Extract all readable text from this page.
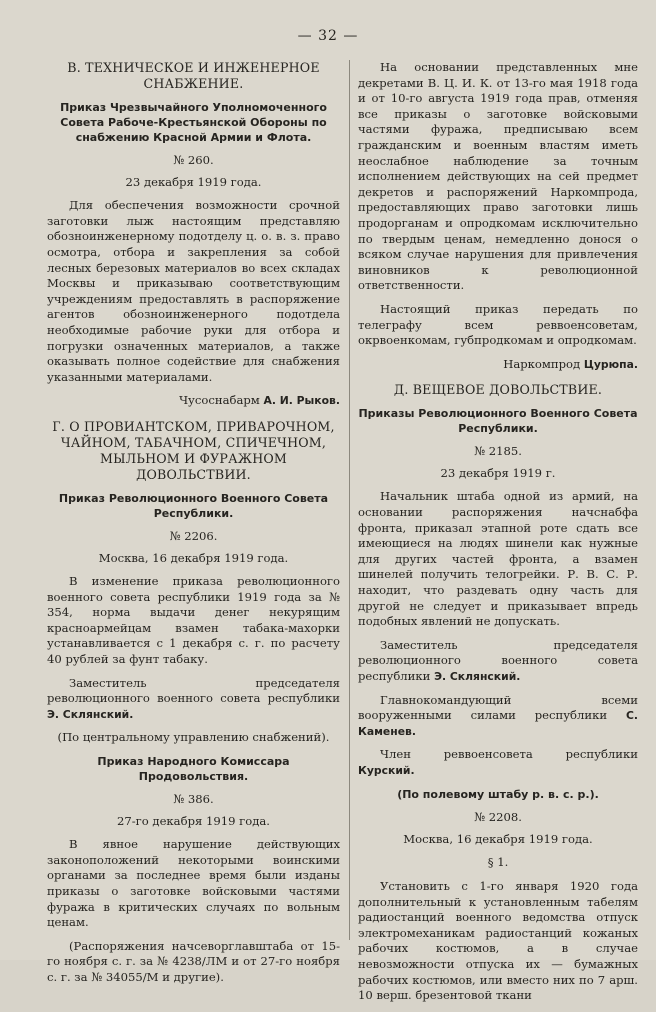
— 32 —
В. ТЕХНИЧЕСКОЕ И ИНЖЕНЕРНОЕ СНАБЖЕНИЕ.
Приказ Чрезвычайного Уполномоченного Совета Рабоче-Крестьянской Обороны по снабжению Красной Армии и Флота.
№ 260.
23 декабря 1919 года.
Для обеспечения возможности срочной заготовки лыж настоящим представляю обозноинженерному подотделу ц. о. в. з. право осмотра, отбора и закрепления за собой лесных березовых материалов во всех складах Москвы и приказываю соответствующим учреждениям предоставлять в распоряжение агентов обозноинженерного подотдела необходимые рабочие руки для отбора и погрузки означенных материалов, а также оказывать полное содействие для снабжения указанными материалами.
Чусоснабарм А. И. Рыков.
Г. О ПРОВИАНТСКОМ, ПРИВАРОЧНОМ, ЧАЙНОМ, ТАБАЧНОМ, СПИЧЕЧНОМ, МЫЛЬНОМ И ФУРАЖНОМ ДОВОЛЬСТВИИ.
Приказ Революционного Военного Совета Республики.
№ 2206.
Москва, 16 декабря 1919 года.
В изменение приказа революционного военного совета республики 1919 года за № 354, норма выдачи денег некурящим красноармейцам взамен табака-махорки устанавливается с 1 декабря с. г. по расчету 40 рублей за фунт табаку.
Заместитель председателя революционного военного совета республики Э. Склянский.
(По центральному управлению снабжений).
Приказ Народного Комиссара Продовольствия.
№ 386.
27-го декабря 1919 года.
В явное нарушение действующих законоположений некоторыми воинскими органами за последнее время были изданы приказы о заготовке войсковыми частями фуража в критических случаях по вольным ценам.
(Распоряжения начсеворглавштаба от 15-го ноября с. г. за № 4238/ЛМ и от 27-го ноября с. г. за № 34055/М и другие).
На основании представленных мне декретами В. Ц. И. К. от 13-го мая 1918 года и от 10-го августа 1919 года прав, отменяя все приказы о заготовке войсковыми частями фуража, предписываю всем гражданским и военным властям иметь неослабное наблюдение за точным исполнением действующих на сей предмет декретов и распоряжений Наркомпрода, предоставляющих право заготовки лишь продорганам и опродкомам исключительно по твердым ценам, немедленно донося о всяком случае нарушения для привлечения виновников к революционной ответственности.
Настоящий приказ передать по телеграфу всем реввоенсоветам, окрвоенкомам, губпродкомам и опродкомам.
Наркомпрод Цурюпа.
Д. ВЕЩЕВОЕ ДОВОЛЬСТВИЕ.
Приказы Революционного Военного Совета Республики.
№ 2185.
23 декабря 1919 г.
Начальник штаба одной из армий, на основании распоряжения начснабфа фронта, приказал этапной роте сдать все имеющиеся на людях шинели как нужные для других частей фронта, а взамен шинелей получить телогрейки. Р. В. С. Р. находит, что раздевать одну часть для другой не следует и приказывает впредь подобных явлений не допускать.
Заместитель председателя революционного военного совета республики Э. Склянский.
Главнокомандующий всеми вооруженными силами республики С. Каменев.
Член реввоенсовета республики Курский.
(По полевому штабу р. в. с. р.).
№ 2208.
Москва, 16 декабря 1919 года.
§ 1.
Установить с 1-го января 1920 года дополнительный к установленным табелям радиостанций военного ведомства отпуск электромеханикам радиостанций кожаных рабочих костюмов, а в случае невозможности отпуска их — бумажных рабочих костюмов, или вместо них по 7 арш. 10 верш. брезентовой ткани
